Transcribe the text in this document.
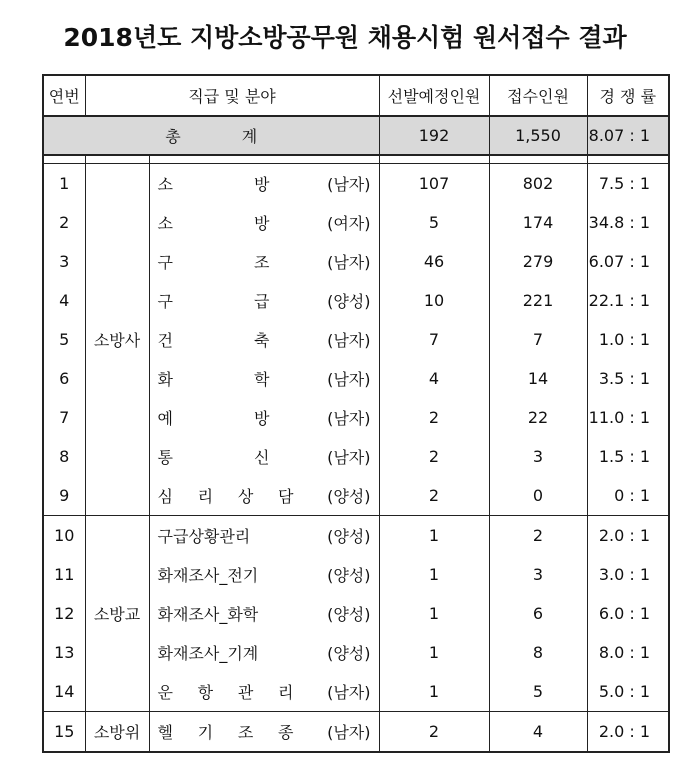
2018년도 지방소방공무원 채용시험 원서접수 결과
연번	직급 및 분야		선발예정인원	접수인원	경 쟁 률
총 계			192	1,550	8.07 : 1

1	소방사	소 방 (남자)	107	802	7.5 : 1
2		소 방 (여자)	5	174	34.8 : 1
3		구 조 (남자)	46	279	6.07 : 1
4		구 급 (양성)	10	221	22.1 : 1
5		건 축 (남자)	7	7	1.0 : 1
6		화 학 (남자)	4	14	3.5 : 1
7		예 방 (남자)	2	22	11.0 : 1
8		통 신 (남자)	2	3	1.5 : 1
9		심 리 상 담 (양성)	2	0	0 : 1
10	소방교	구급상황관리 (양성)	1	2	2.0 : 1
11		화재조사_전기 (양성)	1	3	3.0 : 1
12		화재조사_화학 (양성)	1	6	6.0 : 1
13		화재조사_기계 (양성)	1	8	8.0 : 1
14		운 항 관 리 (남자)	1	5	5.0 : 1
15	소방위	헬 기 조 종 (남자)	2	4	2.0 : 1
